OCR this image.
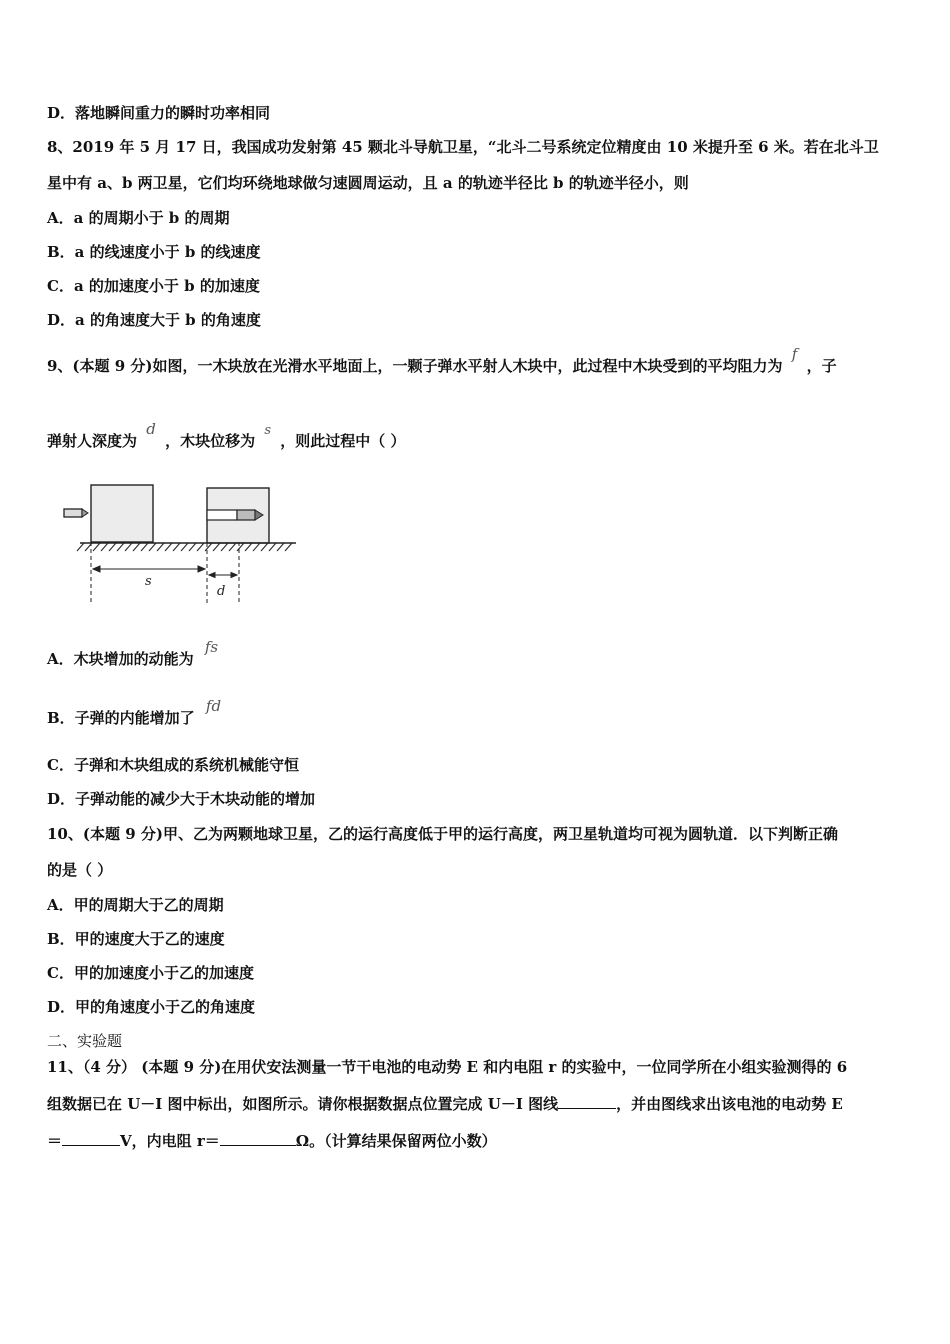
D．落地瞬间重力的瞬时功率相同
8、2019 年 5 月 17 日，我国成功发射第 45 颗北斗导航卫星，“北斗二号系统定位精度由 10 米提升至 6 米。若在北斗卫
星中有 a、b 两卫星，它们均环绕地球做匀速圆周运动，且 a 的轨迹半径比 b 的轨迹半径小，则
A．a 的周期小于 b 的周期
B．a 的线速度小于 b 的线速度
C．a 的加速度小于 b 的加速度
D．a 的角速度大于 b 的角速度
9、(本题 9 分)如图，一木块放在光滑水平地面上，一颗子弹水平射人木块中，此过程中木块受到的平均阻力为 f ，子
弹射人深度为 d ，木块位移为 s ，则此过程中（ ）
s
d
A．木块增加的动能为 fs
B．子弹的内能增加了 fd
C．子弹和木块组成的系统机械能守恒
D．子弹动能的减少大于木块动能的增加
10、(本题 9 分)甲、乙为两颗地球卫星，乙的运行高度低于甲的运行高度，两卫星轨道均可视为圆轨道．以下判断正确
的是（ ）
A．甲的周期大于乙的周期
B．甲的速度大于乙的速度
C．甲的加速度小于乙的加速度
D．甲的角速度小于乙的角速度
二、实验题
11、（4 分） (本题 9 分)在用伏安法测量一节干电池的电动势 E 和内电阻 r 的实验中，一位同学所在小组实验测得的 6
组数据已在 U－I 图中标出，如图所示。请你根据数据点位置完成 U－I 图线	，并由图线求出该电池的电动势 E
＝	V，内电阻 r＝	Ω。（计算结果保留两位小数）
